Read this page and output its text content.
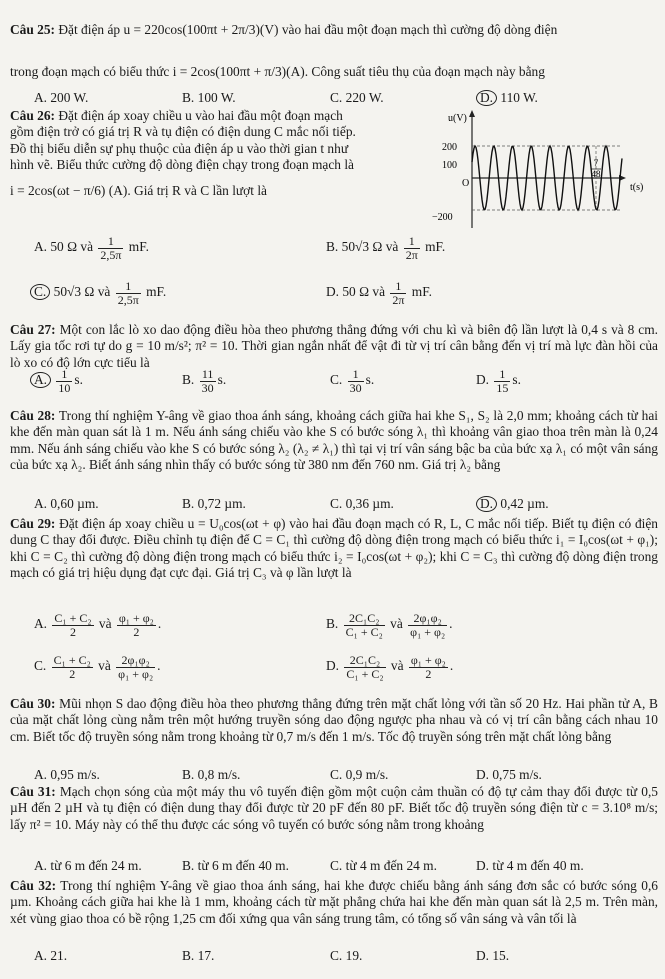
Câu 25: Đặt điện áp u = 220cos(100πt + 2π/3)(V) vào hai đầu một đoạn mạch thì cường độ dòng điện
trong đoạn mạch có biểu thức i = 2cos(100πt + π/3)(A). Công suất tiêu thụ của đoạn mạch này bằng
A. 200 W.	B. 100 W.	C. 220 W.	D. 110 W.

Câu 26: Đặt điện áp xoay chiều u vào hai đầu một đoạn mạch

gồm điện trở có giá trị R và tụ điện có điện dung C mắc nối tiếp.

Đồ thị biểu diễn sự phụ thuộc của điện áp u vào thời gian t như

hình vẽ. Biểu thức cường độ dòng điện chạy trong đoạn mạch là

i = 2cos(ωt − π/6) (A). Giá trị R và C lần lượt là

u(V)
t(s)
200
100
−200
O
7
48
A. 50 Ω và $\frac{1}{2,5\pi}$ mF.	B. 50√3 Ω và $\frac{1}{2\pi}$ mF.
C. 50√3 Ω và $\frac{1}{2,5\pi}$ mF.	D. 50 Ω và $\frac{1}{2\pi}$ mF.
Câu 27: Một con lắc lò xo dao động điều hòa theo phương thẳng đứng với chu kì và biên độ lần lượt là 0,4 s và 8 cm. Lấy gia tốc rơi tự do g = 10 m/s²; π² = 10. Thời gian ngắn nhất để vật đi từ vị trí cân bằng đến vị trí mà lực đàn hồi của lò xo có độ lớn cực tiểu là
A. $\frac{1}{10} s$.	B. $\frac{11}{30} s$.	C. $\frac{1}{30} s$.	D. $\frac{1}{15} s$.
Câu 28: Trong thí nghiệm Y-âng về giao thoa ánh sáng, khoảng cách giữa hai khe S₁, S₂ là 2,0 mm; khoảng cách từ hai khe đến màn quan sát là 1 m. Nếu ánh sáng chiếu vào khe S có bước sóng λ₁ thì khoảng vân giao thoa trên màn là 0,24 mm. Nếu ánh sáng chiếu vào khe S có bước sóng λ₂ (λ₂ ≠ λ₁) thì tại vị trí vân sáng bậc ba của bức xạ λ₁ có một vân sáng của bức xạ λ₂. Biết ánh sáng nhìn thấy có bước sóng từ 380 nm đến 760 nm. Giá trị λ₂ bằng
A. 0,60 µm.	B. 0,72 µm.	C. 0,36 µm.	D. 0,42 µm.
Câu 29: Đặt điện áp xoay chiều u = U₀cos(ωt + φ) vào hai đầu đoạn mạch có R, L, C mắc nối tiếp. Biết tụ điện có điện dung C thay đổi được. Điều chỉnh tụ điện để C = C₁ thì cường độ dòng điện trong mạch có biểu thức i₁ = I₀cos(ωt + φ₁); khi C = C₂ thì cường độ dòng điện trong mạch có biểu thức i₂ = I₀cos(ωt + φ₂); khi C = C₃ thì cường độ dòng điện trong mạch có giá trị hiệu dụng đạt cực đại. Giá trị C₃ và φ lần lượt là
A. $\frac{\text{C₁ + C₂}}{2}$ và $\frac{\text{φ₁ + φ₂}}{2}$ .	B. $\frac{\text{2C₁C₂}}{\text{C₁ + C₂}}$ và $\frac{\text{2φ₁φ₂}}{\text{φ₁ + φ₂}}$ .
C. $\frac{\text{C₁ + C₂}}{2}$ và $\frac{\text{2φ₁φ₂}}{\text{φ₁ + φ₂}}$ .	D. $\frac{\text{2C₁C₂}}{\text{C₁ + C₂}}$ và $\frac{\text{φ₁ + φ₂}}{2}$ .
Câu 30: Mũi nhọn S dao động điều hòa theo phương thẳng đứng trên mặt chất lỏng với tần số 20 Hz. Hai phần tử A, B của mặt chất lỏng cùng nằm trên một hướng truyền sóng dao động ngược pha nhau và có vị trí cân bằng cách nhau 10 cm. Biết tốc độ truyền sóng nằm trong khoảng từ 0,7 m/s đến 1 m/s. Tốc độ truyền sóng trên mặt chất lỏng bằng
A. 0,95 m/s.	B. 0,8 m/s.	C. 0,9 m/s.	D. 0,75 m/s.
Câu 31: Mạch chọn sóng của một máy thu vô tuyến điện gồm một cuộn cảm thuần có độ tự cảm thay đổi được từ 0,5 µH đến 2 µH và tụ điện có điện dung thay đổi được từ 20 pF đến 80 pF. Biết tốc độ truyền sóng điện từ c = 3.10⁸ m/s; lấy π² = 10. Máy này có thể thu được các sóng vô tuyến có bước sóng nằm trong khoảng
A. từ 6 m đến 24 m.	B. từ 6 m đến 40 m.	C. từ 4 m đến 24 m.	D. từ 4 m đến 40 m.
Câu 32: Trong thí nghiệm Y-âng về giao thoa ánh sáng, hai khe được chiếu bằng ánh sáng đơn sắc có bước sóng 0,6 µm. Khoảng cách giữa hai khe là 1 mm, khoảng cách từ mặt phẳng chứa hai khe đến màn quan sát là 2,5 m. Trên màn, xét vùng giao thoa có bề rộng 1,25 cm đối xứng qua vân sáng trung tâm, có tổng số vân sáng và vân tối là
A. 21.	B. 17.	C. 19.	D. 15.
